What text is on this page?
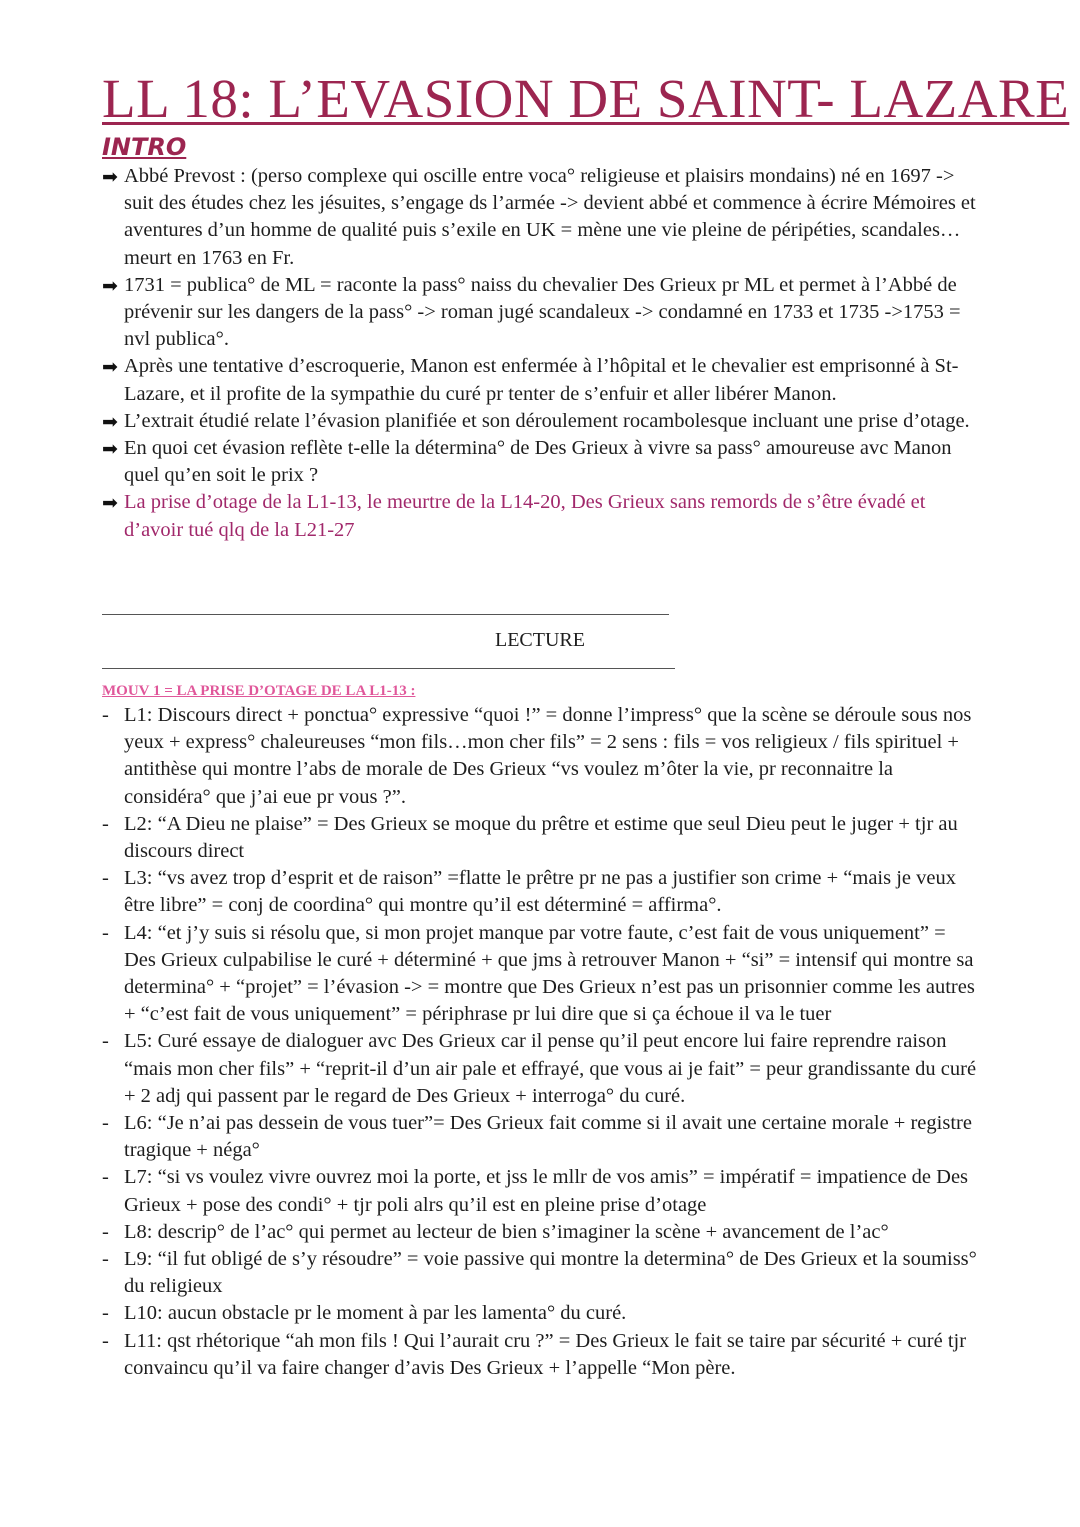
LL 18: L’EVASION DE SAINT- LAZARE
INTRO
➡ Abbé Prevost : (perso complexe qui oscille entre voca° religieuse et plaisirs mondains) né en 1697 -> suit des études chez les jésuites, s’engage ds l’armée -> devient abbé et commence à écrire Mémoires et aventures d’un homme de qualité puis s’exile en UK = mène une vie pleine de péripéties, scandales… meurt en 1763 en Fr.
➡ 1731 = publica° de ML = raconte la pass° naiss du chevalier Des Grieux pr ML et permet à l’Abbé de prévenir sur les dangers de la pass° -> roman jugé scandaleux -> condamné en 1733 et 1735 ->1753 = nvl publica°.
➡ Après une tentative d’escroquerie, Manon est enfermée à l’hôpital et le chevalier est emprisonné à St-Lazare, et il profite de la sympathie du curé pr tenter de s’enfuir et aller libérer Manon.
➡ L’extrait étudié relate l’évasion planifiée et son déroulement rocambolesque incluant une prise d’otage.
➡ En quoi cet évasion reflète t-elle la détermina° de Des Grieux à vivre sa pass° amoureuse avc Manon quel qu’en soit le prix ?
➡ La prise d’otage de la L1-13, le meurtre de la L14-20, Des Grieux sans remords de s’être évadé et d’avoir tué qlq de la L21-27
LECTURE
MOUV 1 = LA PRISE D’OTAGE DE LA L1-13 :
- L1: Discours direct + ponctua° expressive “quoi !” = donne l’impress° que la scène se déroule sous nos yeux + express° chaleureuses “mon fils…mon cher fils” = 2 sens : fils = vos religieux / fils spirituel + antithèse qui montre l’abs de morale de Des Grieux “vs voulez m’ôter la vie, pr reconnaitre la considéra° que j’ai eue pr vous ?”.
- L2: “A Dieu ne plaise” = Des Grieux se moque du prêtre et estime que seul Dieu peut le juger + tjr au discours direct
- L3: “vs avez trop d’esprit et de raison” =flatte le prêtre pr ne pas a justifier son crime + “mais je veux être libre” = conj de coordina° qui montre qu’il est déterminé = affirma°.
- L4: “et j’y suis si résolu que, si mon projet manque par votre faute, c’est fait de vous uniquement” = Des Grieux culpabilise le curé + déterminé + que jms à retrouver Manon + “si” = intensif qui montre sa determina° + “projet” = l’évasion -> = montre que Des Grieux n’est pas un prisonnier comme les autres + “c’est fait de vous uniquement” = périphrase pr lui dire que si ça échoue il va le tuer
- L5: Curé essaye de dialoguer avc Des Grieux car il pense qu’il peut encore lui faire reprendre raison “mais mon cher fils” + “reprit-il d’un air pale et effrayé, que vous ai je fait” = peur grandissante du curé + 2 adj qui passent par le regard de Des Grieux + interroga° du curé.
- L6: “Je n’ai pas dessein de vous tuer”= Des Grieux fait comme si il avait une certaine morale + registre tragique + néga°
- L7: “si vs voulez vivre ouvrez moi la porte, et jss le mllr de vos amis” = impératif = impatience de Des Grieux + pose des condi° + tjr poli alrs qu’il est en pleine prise d’otage
- L8: descrip° de l’ac° qui permet au lecteur de bien s’imaginer la scène + avancement de l’ac°
- L9: “il fut obligé de s’y résoudre” = voie passive qui montre la determina° de Des Grieux et la soumiss° du religieux
- L10: aucun obstacle pr le moment à par les lamenta° du curé.
- L11: qst rhétorique “ah mon fils ! Qui l’aurait cru ?” = Des Grieux le fait se taire par sécurité + curé tjr convaincu qu’il va faire changer d’avis Des Grieux + l’appelle “Mon père.
